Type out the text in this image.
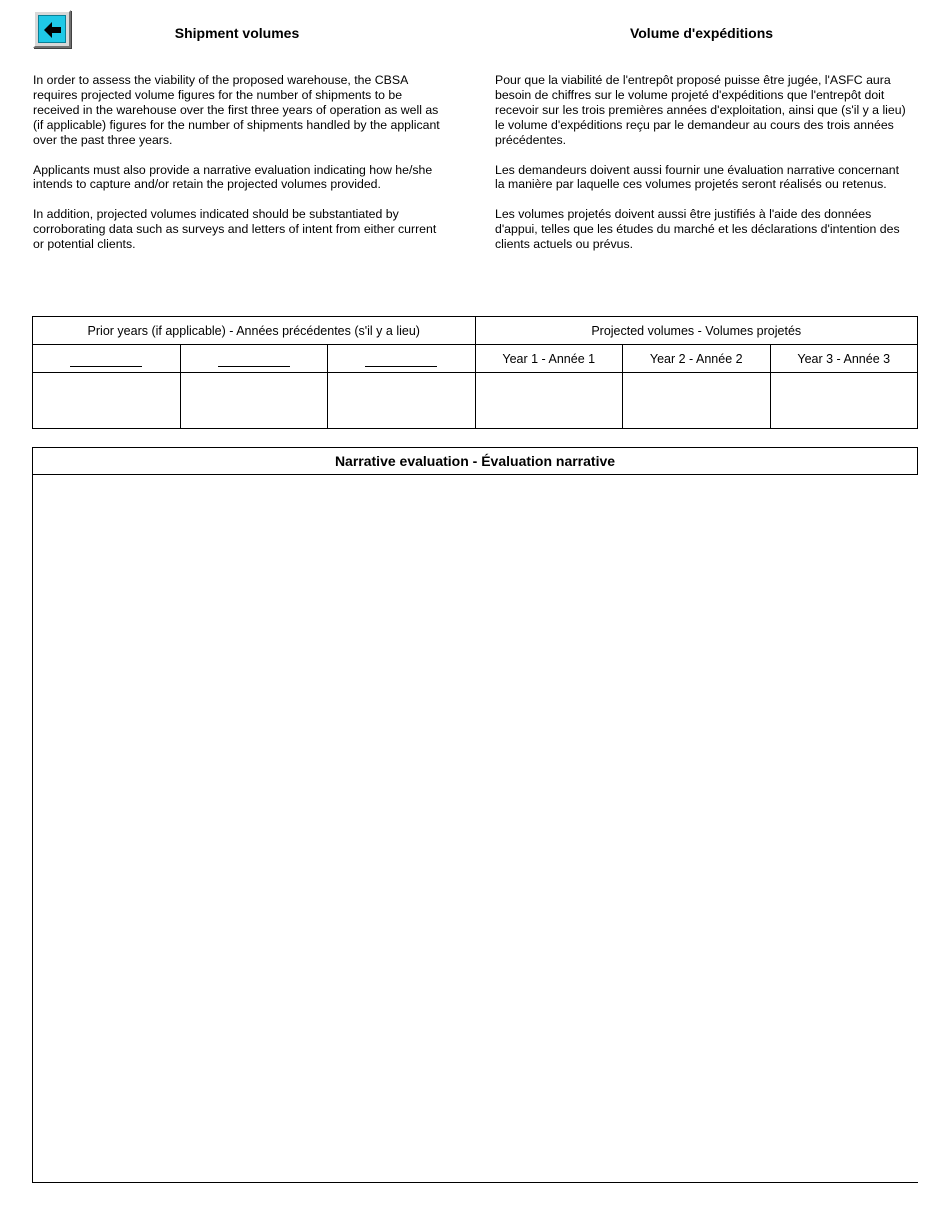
Shipment volumes	Volume d'expéditions

In order to assess the viability of the proposed warehouse, the CBSA requires projected volume figures for the number of shipments to be received in the warehouse over the first three years of operation as well as (if applicable) figures for the number of shipments handled by the applicant over the past three years.

Applicants must also provide a narrative evaluation indicating how he/she intends to capture and/or retain the projected volumes provided.

In addition, projected volumes indicated should be substantiated by corroborating data such as surveys and letters of intent from either current or potential clients.

Pour que la viabilité de l'entrepôt proposé puisse être jugée, l'ASFC aura besoin de chiffres sur le volume projeté d'expéditions que l'entrepôt doit recevoir sur les trois premières années d'exploitation, ainsi que (s'il y a lieu) le volume d'expéditions reçu par le demandeur au cours des trois années précédentes.

Les demandeurs doivent aussi fournir une évaluation narrative concernant la manière par laquelle ces volumes projetés seront réalisés ou retenus.

Les volumes projetés doivent aussi être justifiés à l'aide des données d'appui, telles que les études du marché et les déclarations d'intention des clients actuels ou prévus.

Prior years (if applicable) - Années précédentes (s'il y a lieu)			Projected volumes - Volumes projetés		
			Year 1 - Année 1	Year 2 - Année 2	Year 3 - Année 3

Narrative evaluation - Évaluation narrative
